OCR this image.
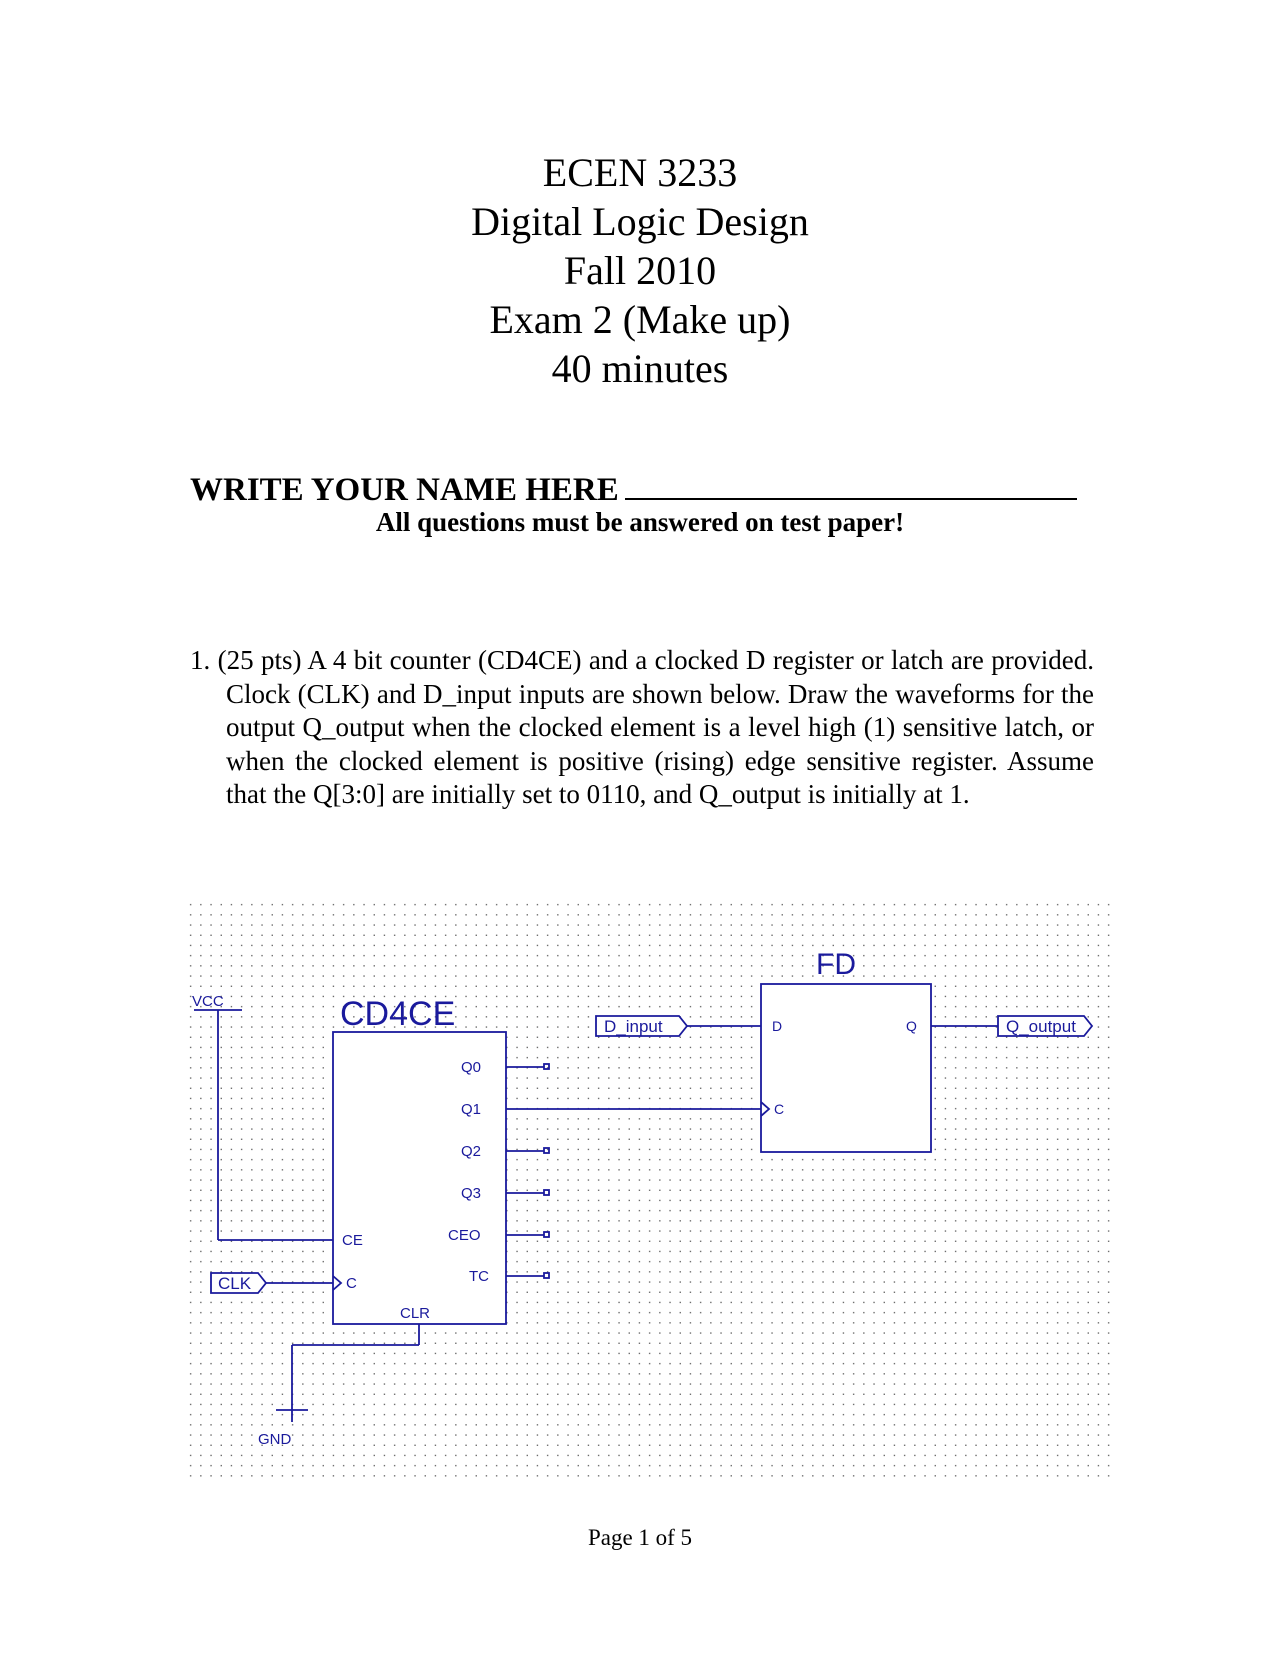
ECEN 3233
Digital Logic Design
Fall 2010
Exam 2 (Make up)
40 minutes
WRITE YOUR NAME HERE
All questions must be answered on test paper!
1. (25 pts) A 4 bit counter (CD4CE) and a clocked D register or latch are provided. Clock (CLK) and D_input inputs are shown below. Draw the waveforms for the output Q_output when the clocked element is a level high (1) sensitive latch, or when the clocked element is positive (rising) edge sensitive register. Assume that the Q[3:0] are initially set to 0110, and Q_output is initially at 1.
VCC	CD4CE
CE
C
CLR
Q0
Q1
Q2
Q3
CEO
TC
CLK
GND
FD
D
C
Q
D_input	Q_output
Page 1 of 5
